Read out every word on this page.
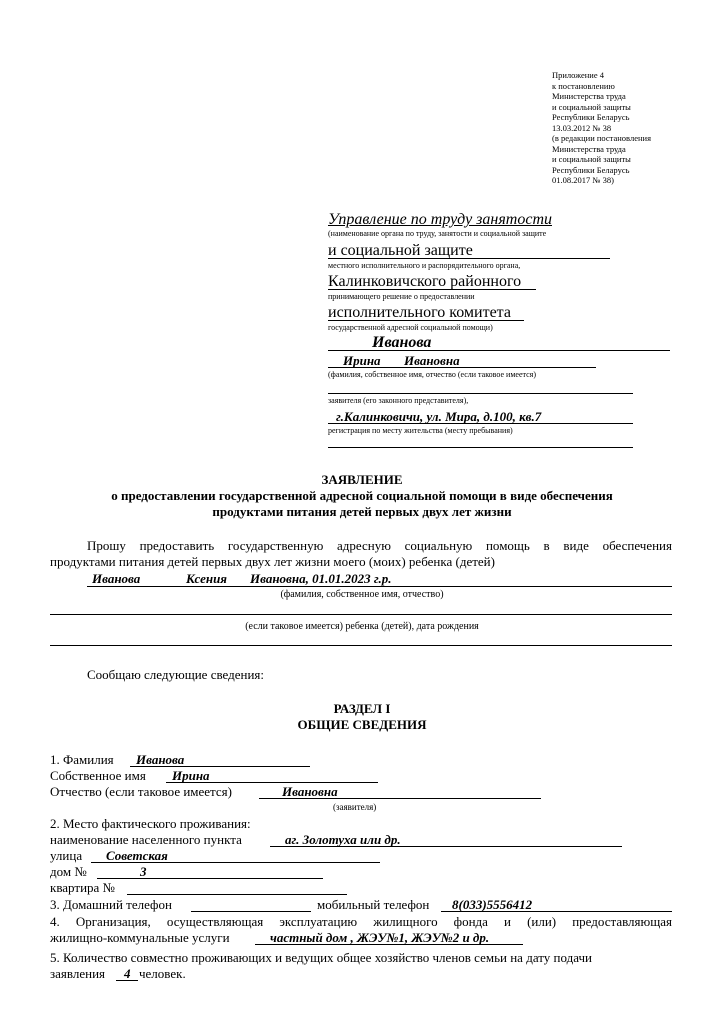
Приложение 4
к постановлению
Министерства труда
и социальной защиты
Республики Беларусь
13.03.2012 № 38
(в редакции постановления
Министерства труда
и социальной защиты
Республики Беларусь
01.08.2017 № 38)
Управление по труду занятости
(наименование органа по труду, занятости и социальной защите
и социальной защите
местного исполнительного и распорядительного органа,
Калинковичского районного
принимающего решение о предоставлении
исполнительного комитета
государственной адресной социальной помощи)
Иванова
Ирина Ивановна
(фамилия, собственное имя, отчество (если таковое имеется)
заявителя (его законного представителя),
г.Калинковичи, ул. Мира, д.100, кв.7
регистрация по месту жительства (месту пребывания)
ЗАЯВЛЕНИЕ
о предоставлении государственной адресной социальной помощи в виде обеспечения
продуктами питания детей первых двух лет жизни
Прошу предоставить государственную адресную социальную помощь в виде обеспечения
продуктами питания детей первых двух лет жизни моего (моих) ребенка (детей)
Иванова	Ксения Ивановна, 01.01.2023 г.р.
(фамилия, собственное имя, отчество)
(если таковое имеется) ребенка (детей), дата рождения
Сообщаю следующие сведения:
РАЗДЕЛ I
ОБЩИЕ СВЕДЕНИЯ
1. Фамилия Иванова
Собственное имя Ирина
Отчество (если таковое имеется)	Ивановна
(заявителя)
2. Место фактического проживания:
наименование населенного пункта	аг. Золотуха или др.
улица Советская
дом №	3
квартира №
3. Домашний телефон	мобильный телефон 8(033)5556412
4. Организация, осуществляющая эксплуатацию жилищного фонда и (или) предоставляющая
жилищно-коммунальные услуги	частный дом , ЖЭУ№1, ЖЭУ№2 и др.
5. Количество совместно проживающих и ведущих общее хозяйство членов семьи на дату подачи
заявления 4 человек.
